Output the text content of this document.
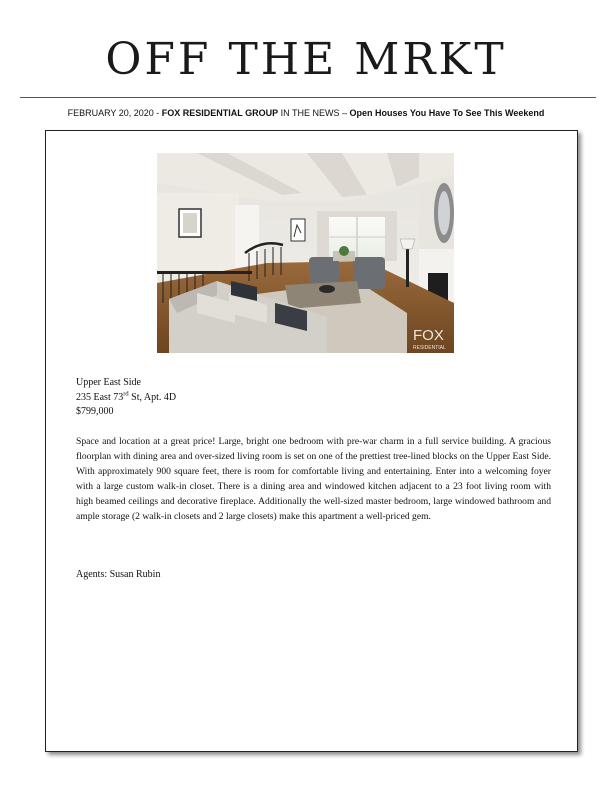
OFF THE MRKT
FEBRUARY 20, 2020 - FOX RESIDENTIAL GROUP IN THE NEWS – Open Houses You Have To See This Weekend
FOX
RESIDENTIAL
Upper East Side
235 East 73rd St, Apt. 4D
$799,000
Space and location at a great price! Large, bright one bedroom with pre-war charm in a full service building. A gracious floorplan with dining area and over-sized living room is set on one of the prettiest tree-lined blocks on the Upper East Side. With approximately 900 square feet, there is room for comfortable living and entertaining. Enter into a welcoming foyer with a large custom walk-in closet. There is a dining area and windowed kitchen adjacent to a 23 foot living room with high beamed ceilings and decorative fireplace. Additionally the well-sized master bedroom, large windowed bathroom and ample storage (2 walk-in closets and 2 large closets) make this apartment a well-priced gem.
Agents: Susan Rubin
